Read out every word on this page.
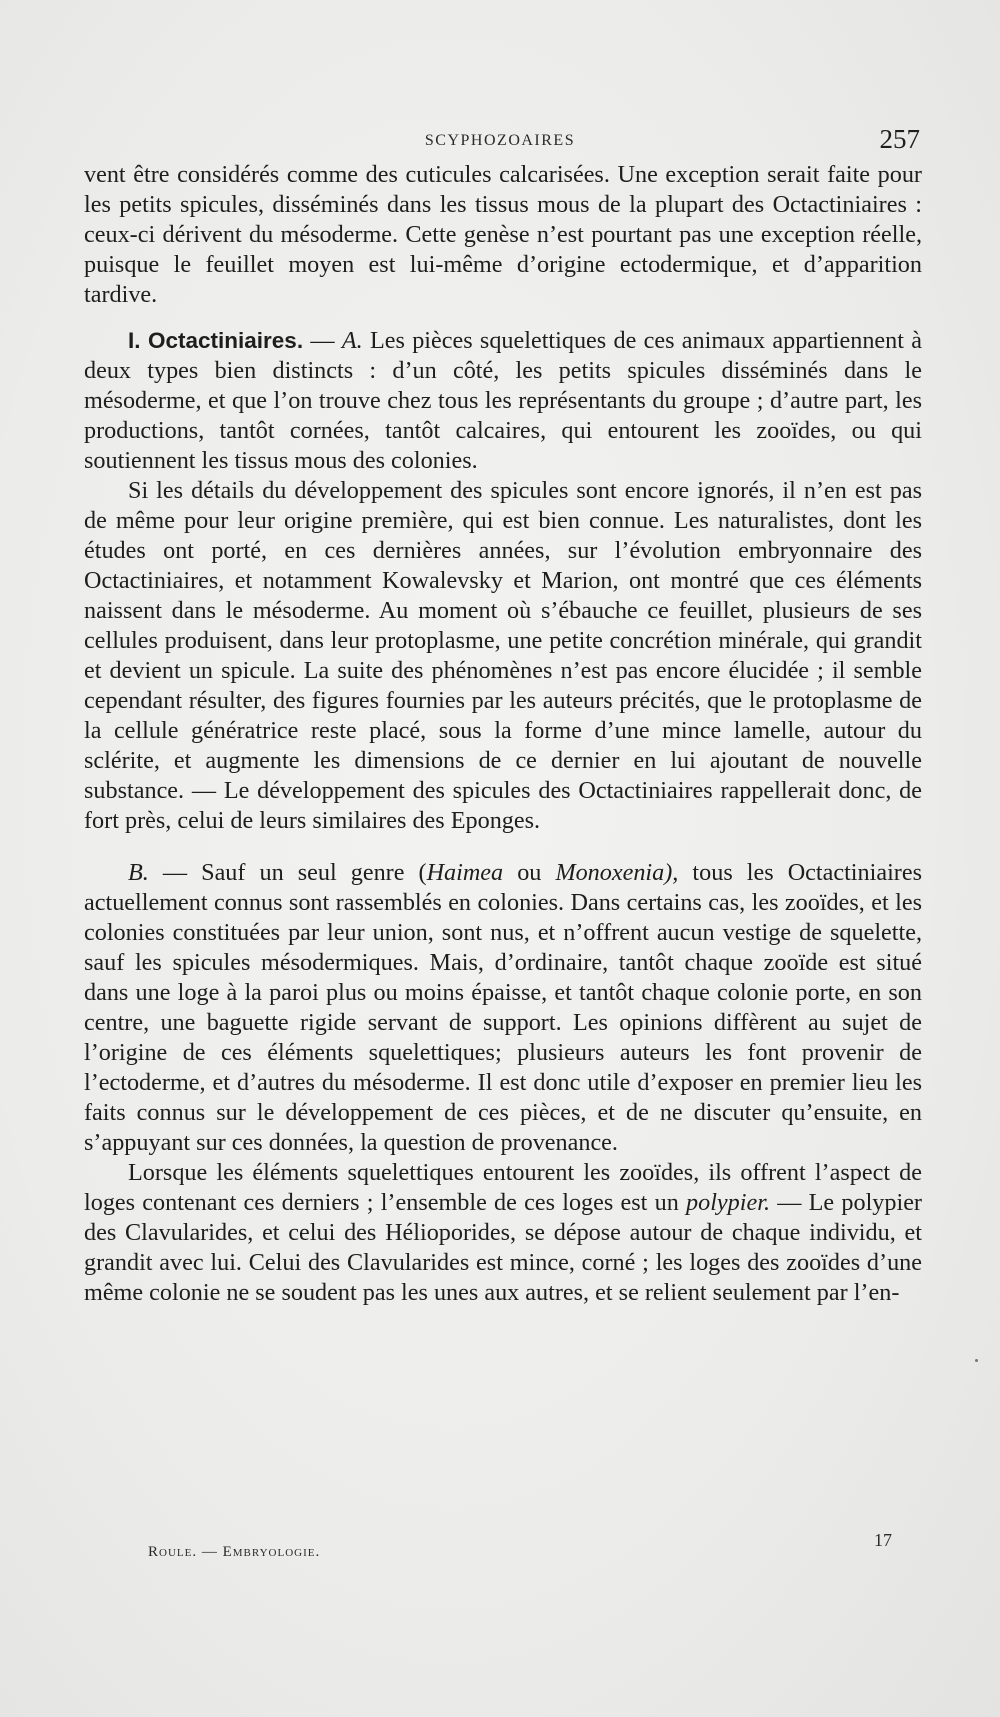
SCYPHOZOAIRES	257

vent être considérés comme des cuticules calcarisées. Une exception serait faite pour les petits spicules, disséminés dans les tissus mous de la plupart des Octactiniaires : ceux-ci dérivent du mésoderme. Cette genèse n’est pourtant pas une exception réelle, puisque le feuillet moyen est lui-même d’origine ectodermique, et d’apparition tardive.

I. Octactiniaires. — A. Les pièces squelettiques de ces animaux appartiennent à deux types bien distincts : d’un côté, les petits spicules disséminés dans le mésoderme, et que l’on trouve chez tous les représentants du groupe ; d’autre part, les productions, tantôt cornées, tantôt calcaires, qui entourent les zooïdes, ou qui soutiennent les tissus mous des colonies.

Si les détails du développement des spicules sont encore ignorés, il n’en est pas de même pour leur origine première, qui est bien connue. Les naturalistes, dont les études ont porté, en ces dernières années, sur l’évolution embryonnaire des Octactiniaires, et notamment Kowalevsky et Marion, ont montré que ces éléments naissent dans le mésoderme. Au moment où s’ébauche ce feuillet, plusieurs de ses cellules produisent, dans leur protoplasme, une petite concrétion minérale, qui grandit et devient un spicule. La suite des phénomènes n’est pas encore élucidée ; il semble cependant résulter, des figures fournies par les auteurs précités, que le protoplasme de la cellule génératrice reste placé, sous la forme d’une mince lamelle, autour du sclérite, et augmente les dimensions de ce dernier en lui ajoutant de nouvelle substance. — Le développement des spicules des Octactiniaires rappellerait donc, de fort près, celui de leurs similaires des Eponges.

B. — Sauf un seul genre (Haimea ou Monoxenia), tous les Octactiniaires actuellement connus sont rassemblés en colonies. Dans certains cas, les zooïdes, et les colonies constituées par leur union, sont nus, et n’offrent aucun vestige de squelette, sauf les spicules mésodermiques. Mais, d’ordinaire, tantôt chaque zooïde est situé dans une loge à la paroi plus ou moins épaisse, et tantôt chaque colonie porte, en son centre, une baguette rigide servant de support. Les opinions diffèrent au sujet de l’origine de ces éléments squelettiques; plusieurs auteurs les font provenir de l’ectoderme, et d’autres du mésoderme. Il est donc utile d’exposer en premier lieu les faits connus sur le développement de ces pièces, et de ne discuter qu’ensuite, en s’appuyant sur ces données, la question de provenance.

Lorsque les éléments squelettiques entourent les zooïdes, ils offrent l’aspect de loges contenant ces derniers ; l’ensemble de ces loges est un polypier. — Le polypier des Clavularides, et celui des Hélioporides, se dépose autour de chaque individu, et grandit avec lui. Celui des Clavularides est mince, corné ; les loges des zooïdes d’une même colonie ne se soudent pas les unes aux autres, et se relient seulement par l’en-

Roule. — Embryologie.
17
